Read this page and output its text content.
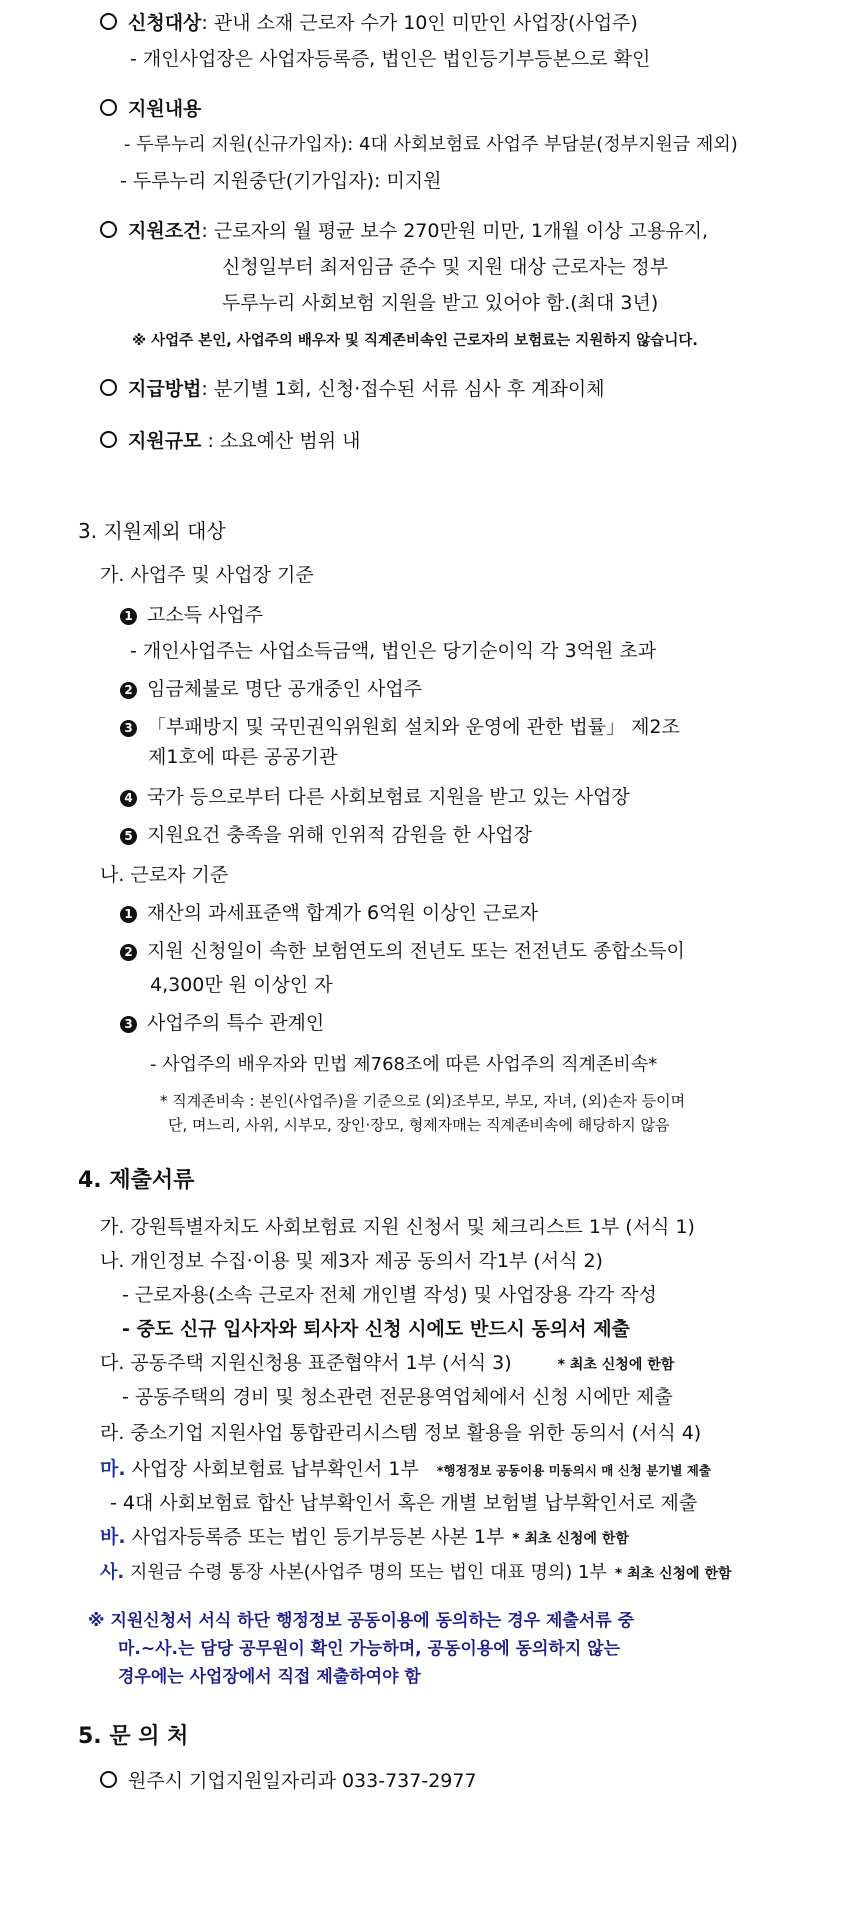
신청대상: 관내 소재 근로자 수가 10인 미만인 사업장(사업주)
- 개인사업장은 사업자등록증, 법인은 법인등기부등본으로 확인
지원내용
- 두루누리 지원(신규가입자): 4대 사회보험료 사업주 부담분(정부지원금 제외)
- 두루누리 지원중단(기가입자): 미지원
지원조건: 근로자의 월 평균 보수 270만원 미만, 1개월 이상 고용유지,
신청일부터 최저임금 준수 및 지원 대상 근로자는 정부
두루누리 사회보험 지원을 받고 있어야 함.(최대 3년)
※ 사업주 본인, 사업주의 배우자 및 직계존비속인 근로자의 보험료는 지원하지 않습니다.
지급방법: 분기별 1회, 신청·접수된 서류 심사 후 계좌이체
지원규모 : 소요예산 범위 내
3. 지원제외 대상
가. 사업주 및 사업장 기준
1 고소득 사업주
- 개인사업주는 사업소득금액, 법인은 당기순이익 각 3억원 초과
2 임금체불로 명단 공개중인 사업주
3 「부패방지 및 국민권익위원회 설치와 운영에 관한 법률」 제2조
제1호에 따른 공공기관
4 국가 등으로부터 다른 사회보험료 지원을 받고 있는 사업장
5 지원요건 충족을 위해 인위적 감원을 한 사업장
나. 근로자 기준
1 재산의 과세표준액 합계가 6억원 이상인 근로자
2 지원 신청일이 속한 보험연도의 전년도 또는 전전년도 종합소득이
4,300만 원 이상인 자
3 사업주의 특수 관계인
- 사업주의 배우자와 민법 제768조에 따른 사업주의 직계존비속*
* 직계존비속 : 본인(사업주)을 기준으로 (외)조부모, 부모, 자녀, (외)손자 등이며
단, 며느리, 사위, 시부모, 장인·장모, 형제자매는 직계존비속에 해당하지 않음
4. 제출서류
가. 강원특별자치도 사회보험료 지원 신청서 및 체크리스트 1부 (서식 1)
나. 개인정보 수집·이용 및 제3자 제공 동의서 각1부 (서식 2)
- 근로자용(소속 근로자 전체 개인별 작성) 및 사업장용 각각 작성
- 중도 신규 입사자와 퇴사자 신청 시에도 반드시 동의서 제출
다. 공동주택 지원신청용 표준협약서 1부 (서식 3)	* 최초 신청에 한함
- 공동주택의 경비 및 청소관련 전문용역업체에서 신청 시에만 제출
라. 중소기업 지원사업 통합관리시스템 정보 활용을 위한 동의서 (서식 4)
마. 사업장 사회보험료 납부확인서 1부 *행정정보 공동이용 미동의시 매 신청 분기별 제출
- 4대 사회보험료 합산 납부확인서 혹은 개별 보험별 납부확인서로 제출
바. 사업자등록증 또는 법인 등기부등본 사본 1부 * 최초 신청에 한함
사. 지원금 수령 통장 사본(사업주 명의 또는 법인 대표 명의) 1부 * 최초 신청에 한함
※ 지원신청서 서식 하단 행정정보 공동이용에 동의하는 경우 제출서류 중
마.~사.는 담당 공무원이 확인 가능하며, 공동이용에 동의하지 않는
경우에는 사업장에서 직접 제출하여야 함
5. 문 의 처
원주시 기업지원일자리과 033-737-2977
